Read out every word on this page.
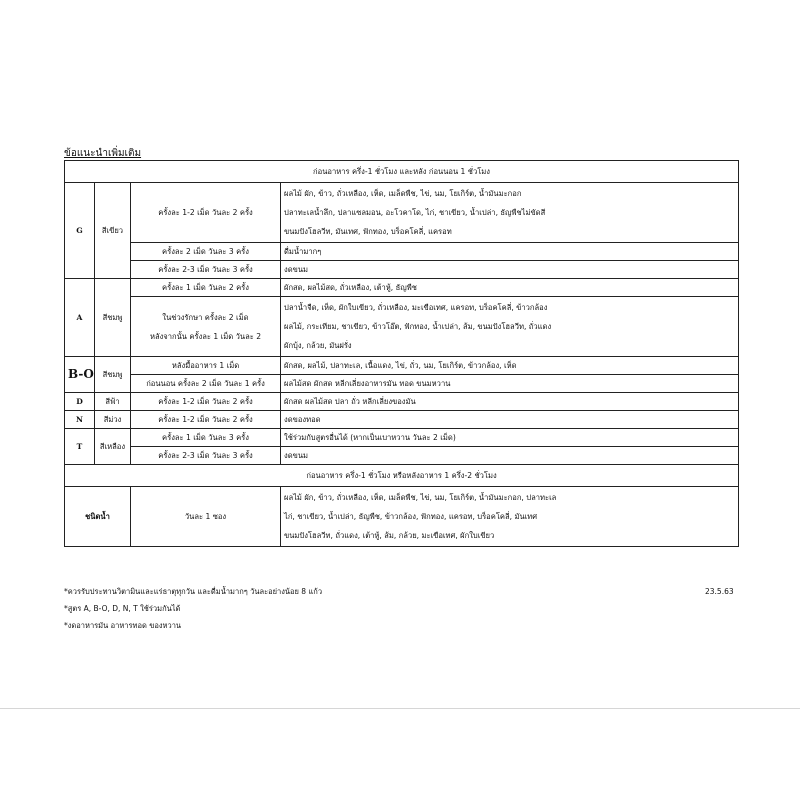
ข้อแนะนำเพิ่มเติม
ก่อนอาหาร ครึ่ง-1 ชั่วโมง และหลัง ก่อนนอน 1 ชั่วโมง			
G	สีเขียว	ครั้งละ 1-2 เม็ด วันละ 2 ครั้ง	ผลไม้ ผัก, ข้าว, ถั่วเหลือง, เห็ด, เมล็ดพืช, ไข่, นม, โยเกิร์ต, น้ำมันมะกอก
ปลาทะเลน้ำลึก, ปลาแซลมอน, อะโวคาโด, ไก่, ชาเขียว, น้ำเปล่า, ธัญพืชไม่ขัดสี
ขนมปังโฮลวีท, มันเทศ, ฟักทอง, บร็อคโคลี่, แครอท

		ครั้งละ 2 เม็ด วันละ 3 ครั้ง	ดื่มน้ำมากๆ
		ครั้งละ 2-3 เม็ด วันละ 3 ครั้ง	งดขนม
A	สีชมพู	ครั้งละ 1 เม็ด วันละ 2 ครั้ง	ผักสด, ผลไม้สด, ถั่วเหลือง, เต้าหู้, ธัญพืช

		ในช่วงรักษา ครั้งละ 2 เม็ด
หลังจากนั้น ครั้งละ 1 เม็ด วันละ 2	ปลาน้ำจืด, เห็ด, ผักใบเขียว, ถั่วเหลือง, มะเขือเทศ, แครอท, บร็อคโคลี่, ข้าวกล้อง
ผลไม้, กระเทียม, ชาเขียว, ข้าวโอ๊ต, ฟักทอง, น้ำเปล่า, ส้ม, ขนมปังโฮลวีท, ถั่วแดง
ผักบุ้ง, กล้วย, มันฝรั่ง

B-O	สีชมพู	หลังมื้ออาหาร 1 เม็ด	ผักสด, ผลไม้, ปลาทะเล, เนื้อแดง, ไข่, ถั่ว, นม, โยเกิร์ต, ข้าวกล้อง, เห็ด
		ก่อนนอน ครั้งละ 2 เม็ด วันละ 1 ครั้ง	ผลไม้สด ผักสด หลีกเลี่ยงอาหารมัน ทอด ขนมหวาน
D	สีฟ้า	ครั้งละ 1-2 เม็ด วันละ 2 ครั้ง	ผักสด ผลไม้สด ปลา ถั่ว หลีกเลี่ยงของมัน
N	สีม่วง	ครั้งละ 1-2 เม็ด วันละ 2 ครั้ง	งดของทอด
T	สีเหลือง	ครั้งละ 1 เม็ด วันละ 3 ครั้ง	ใช้ร่วมกับสูตรอื่นได้ (หากเป็นเบาหวาน วันละ 2 เม็ด)
		ครั้งละ 2-3 เม็ด วันละ 3 ครั้ง	งดขนม
ก่อนอาหาร ครึ่ง-1 ชั่วโมง หรือหลังอาหาร 1 ครึ่ง-2 ชั่วโมง			
ชนิดน้ำ		วันละ 1 ซอง	ผลไม้ ผัก, ข้าว, ถั่วเหลือง, เห็ด, เมล็ดพืช, ไข่, นม, โยเกิร์ต, น้ำมันมะกอก, ปลาทะเล
ไก่, ชาเขียว, น้ำเปล่า, ธัญพืช, ข้าวกล้อง, ฟักทอง, แครอท, บร็อคโคลี่, มันเทศ
ขนมปังโฮลวีท, ถั่วแดง, เต้าหู้, ส้ม, กล้วย, มะเขือเทศ, ผักใบเขียว
*ควรรับประทานวิตามินและแร่ธาตุทุกวัน และดื่มน้ำมากๆ วันละอย่างน้อย 8 แก้ว
*สูตร A, B-O, D, N, T ใช้ร่วมกันได้
*งดอาหารมัน อาหารทอด ของหวาน
23.5.63
